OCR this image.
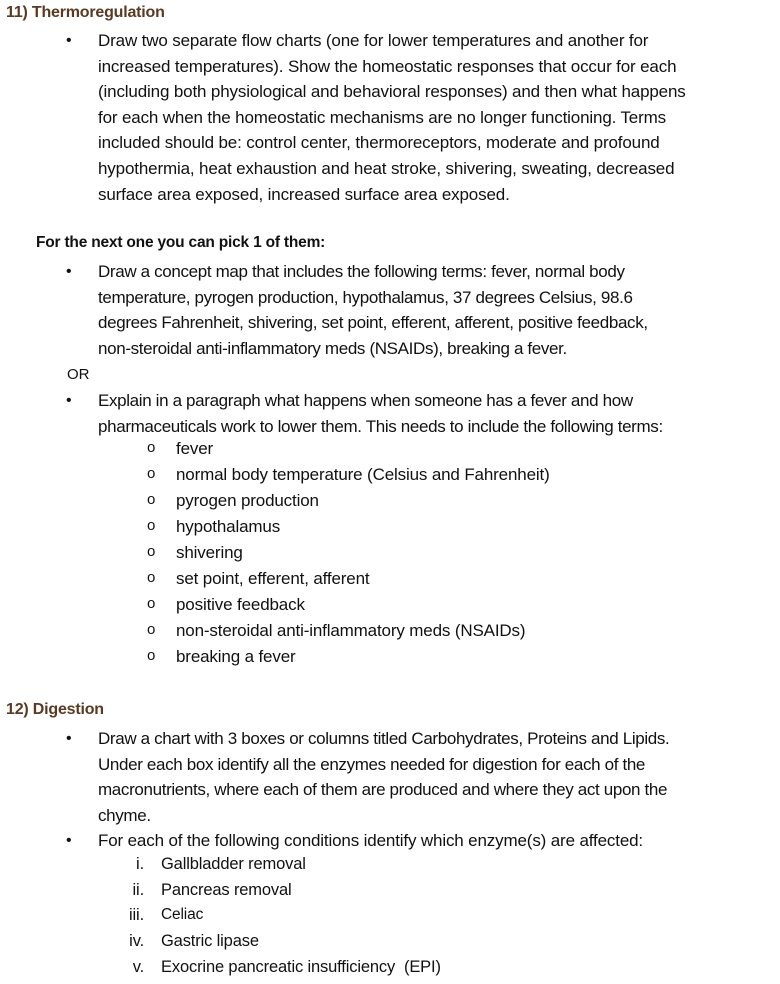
11) Thermoregulation
• Draw two separate flow charts (one for lower temperatures and another for
increased temperatures). Show the homeostatic responses that occur for each
(including both physiological and behavioral responses) and then what happens
for each when the homeostatic mechanisms are no longer functioning. Terms
included should be: control center, thermoreceptors, moderate and profound
hypothermia, heat exhaustion and heat stroke, shivering, sweating, decreased
surface area exposed, increased surface area exposed.
For the next one you can pick 1 of them:
• Draw a concept map that includes the following terms: fever, normal body
temperature, pyrogen production, hypothalamus, 37 degrees Celsius, 98.6
degrees Fahrenheit, shivering, set point, efferent, afferent, positive feedback,
non-steroidal anti-inflammatory meds (NSAIDs), breaking a fever.
OR
• Explain in a paragraph what happens when someone has a fever and how
pharmaceuticals work to lower them. This needs to include the following terms:
o fever
o normal body temperature (Celsius and Fahrenheit)
o pyrogen production
o hypothalamus
o shivering
o set point, efferent, afferent
o positive feedback
o non-steroidal anti-inflammatory meds (NSAIDs)
o breaking a fever
12) Digestion
• Draw a chart with 3 boxes or columns titled Carbohydrates, Proteins and Lipids.
Under each box identify all the enzymes needed for digestion for each of the
macronutrients, where each of them are produced and where they act upon the
chyme.
• For each of the following conditions identify which enzyme(s) are affected:
i. Gallbladder removal
ii. Pancreas removal
iii. Celiac
iv. Gastric lipase
v. Exocrine pancreatic insufficiency  (EPI)
